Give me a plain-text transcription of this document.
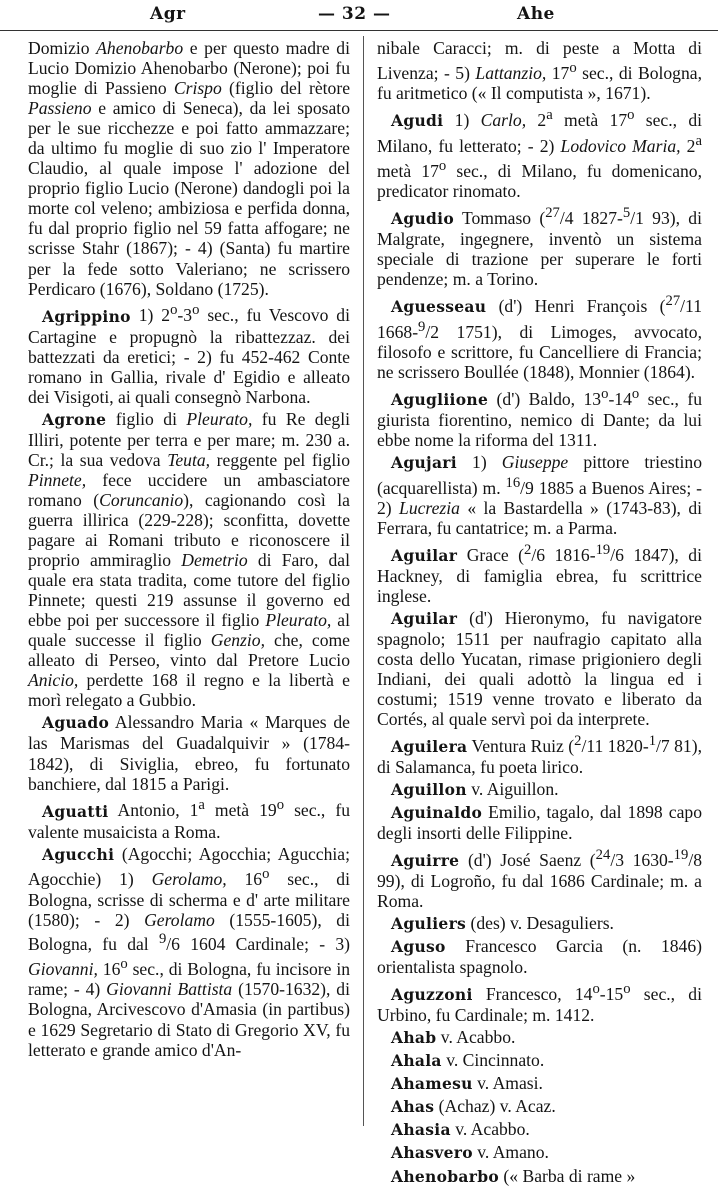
Agr	— 32 —	Ahe

Domizio Ahenobarbo e per questo madre di Lucio Domizio Ahenobarbo (Nerone); poi fu moglie di Passieno Crispo (figlio del rètore Passieno e amico di Seneca), da lei sposato per le sue ricchezze e poi fatto ammazzare; da ultimo fu moglie di suo zio l' Imperatore Claudio, al quale impose l' adozione del proprio figlio Lucio (Nerone) dandogli poi la morte col veleno; ambiziosa e perfida donna, fu dal proprio figlio nel 59 fatta affogare; ne scrisse Stahr (1867); - 4) (Santa) fu martire per la fede sotto Valeriano; ne scrissero Perdicaro (1676), Soldano (1725).

Agrippino 1) 2$^o$-3$^o$ sec., fu Vescovo di Cartagine e propugnò la ribattezzaz. dei battezzati da eretici; - 2) fu 452-462 Conte romano in Gallia, rivale d' Egidio e alleato dei Visigoti, ai quali consegnò Narbona.

Agrone figlio di Pleurato, fu Re degli Illiri, potente per terra e per mare; m. 230 a. Cr.; la sua vedova Teuta, reggente pel figlio Pinnete, fece uccidere un ambasciatore romano (Coruncanio), cagionando così la guerra illirica (229-228); sconfitta, dovette pagare ai Romani tributo e riconoscere il proprio ammiraglio Demetrio di Faro, dal quale era stata tradita, come tutore del figlio Pinnete; questi 219 assunse il governo ed ebbe poi per successore il figlio Pleurato, al quale successe il figlio Genzio, che, come alleato di Perseo, vinto dal Pretore Lucio Anicio, perdette 168 il regno e la libertà e morì relegato a Gubbio.

Aguado Alessandro Maria « Marques de las Marismas del Guadalquivir » (1784-1842), di Siviglia, ebreo, fu fortunato banchiere, dal 1815 a Parigi.

Aguatti Antonio, 1$^a$ metà 19$^o$ sec., fu valente musaicista a Roma.

Agucchi (Agocchi; Agocchia; Agucchia; Agocchie) 1) Gerolamo, 16$^o$ sec., di Bologna, scrisse di scherma e d' arte militare (1580); - 2) Gerolamo (1555-1605), di Bologna, fu dal $^9$/6 1604 Cardinale; - 3) Giovanni, 16$^o$ sec., di Bologna, fu incisore in rame; - 4) Giovanni Battista (1570-1632), di Bologna, Arcivescovo d'Amasia (in partibus) e 1629 Segretario di Stato di Gregorio XV, fu letterato e grande amico d'An-

nibale Caracci; m. di peste a Motta di Livenza; - 5) Lattanzio, 17$^o$ sec., di Bologna, fu aritmetico (« Il computista », 1671).

Agudi 1) Carlo, 2$^a$ metà 17$^o$ sec., di Milano, fu letterato; - 2) Lodovico Maria, 2$^a$ metà 17$^o$ sec., di Milano, fu domenicano, predicator rinomato.

Agudio Tommaso ($^{27}$/4 1827-$^5$/1 93), di Malgrate, ingegnere, inventò un sistema speciale di trazione per superare le forti pendenze; m. a Torino.

Aguesseau (d') Henri François ($^{27}$/11 1668-$^9$/2 1751), di Limoges, avvocato, filosofo e scrittore, fu Cancelliere di Francia; ne scrissero Boullée (1848), Monnier (1864).

Agugliione (d') Baldo, 13$^o$-14$^o$ sec., fu giurista fiorentino, nemico di Dante; da lui ebbe nome la riforma del 1311.

Agujari 1) Giuseppe pittore triestino (acquarellista) m. $^{16}$/9 1885 a Buenos Aires; - 2) Lucrezia « la Bastardella » (1743-83), di Ferrara, fu cantatrice; m. a Parma.

Aguilar Grace ($^2$/6 1816-$^{19}$/6 1847), di Hackney, di famiglia ebrea, fu scrittrice inglese.

Aguilar (d') Hieronymo, fu navigatore spagnolo; 1511 per naufragio capitato alla costa dello Yucatan, rimase prigioniero degli Indiani, dei quali adottò la lingua ed i costumi; 1519 venne trovato e liberato da Cortés, al quale servì poi da interprete.

Aguilera Ventura Ruiz ($^2$/11 1820-$^1$/7 81), di Salamanca, fu poeta lirico.

Aguillon v. Aiguillon.

Aguinaldo Emilio, tagalo, dal 1898 capo degli insorti delle Filippine.

Aguirre (d') José Saenz ($^{24}$/3 1630-$^{19}$/8 99), di Logroño, fu dal 1686 Cardinale; m. a Roma.

Aguliers (des) v. Desaguliers.

Aguso Francesco Garcia (n. 1846) orientalista spagnolo.

Aguzzoni Francesco, 14$^o$-15$^o$ sec., di Urbino, fu Cardinale; m. 1412.

Ahab v. Acabbo.

Ahala v. Cincinnato.

Ahamesu v. Amasi.

Ahas (Achaz) v. Acaz.

Ahasia v. Acabbo.

Ahasvero v. Amano.

Ahenobarbo (« Barba di rame »
